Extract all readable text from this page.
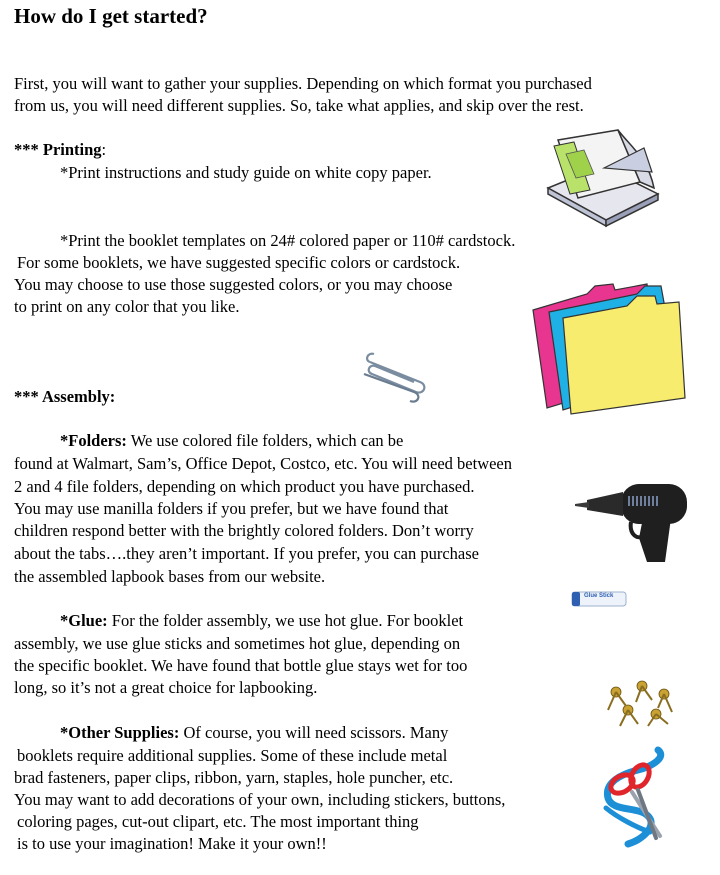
How do I get started?
First, you will want to gather your supplies. Depending on which format you purchased
from us, you will need different supplies. So, take what applies, and skip over the rest.
*** Printing:
*Print instructions and study guide on white copy paper.
*Print the booklet templates on 24# colored paper or 110# cardstock.
For some booklets, we have suggested specific colors or cardstock.
You may choose to use those suggested colors, or you may choose
to print on any color that you like.
*** Assembly:
*Folders: We use colored file folders, which can be
found at Walmart, Sam’s, Office Depot, Costco, etc. You will need between
2 and 4 file folders, depending on which product you have purchased.
You may use manilla folders if you prefer, but we have found that
children respond better with the brightly colored folders. Don’t worry
about the tabs….they aren’t important. If you prefer, you can purchase
the assembled lapbook bases from our website.
*Glue: For the folder assembly, we use hot glue. For booklet
assembly, we use glue sticks and sometimes hot glue, depending on
the specific booklet. We have found that bottle glue stays wet for too
long, so it’s not a great choice for lapbooking.
*Other Supplies: Of course, you will need scissors. Many
booklets require additional supplies. Some of these include metal
brad fasteners, paper clips, ribbon, yarn, staples, hole puncher, etc.
You may want to add decorations of your own, including stickers, buttons,
coloring pages, cut-out clipart, etc. The most important thing
is to use your imagination! Make it your own!!
Glue Stick
